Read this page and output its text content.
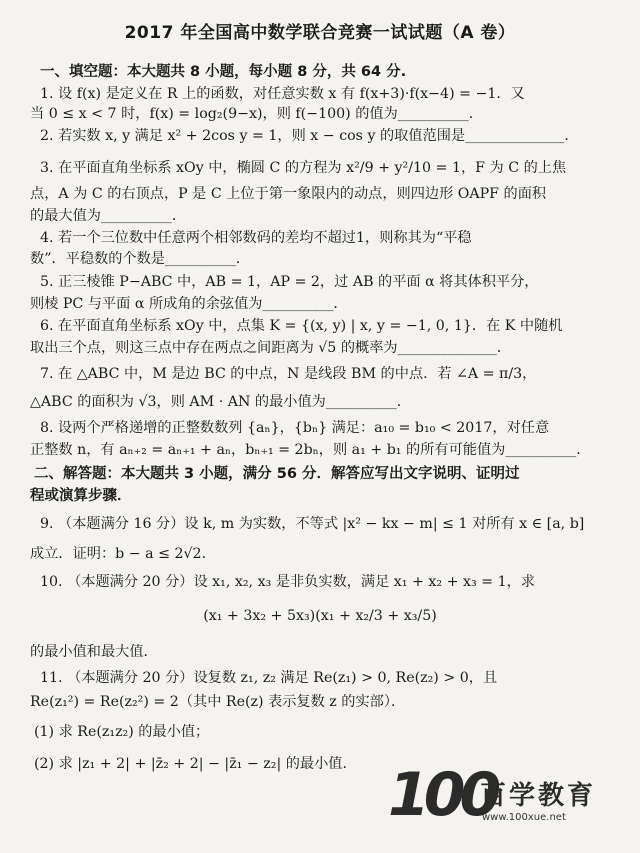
2017 年全国高中数学联合竞赛一试试题（A 卷）
一、填空题：本大题共 8 小题，每小题 8 分，共 64 分.
1. 设 f(x) 是定义在 R 上的函数，对任意实数 x 有 f(x+3)·f(x−4) = −1．又
当 0 ≤ x < 7 时，f(x) = log₂(9−x)，则 f(−100) 的值为__________．
2. 若实数 x, y 满足 x² + 2cos y = 1，则 x − cos y 的取值范围是______________．
3. 在平面直角坐标系 xOy 中，椭圆 C 的方程为 x²/9 + y²/10 = 1，F 为 C 的上焦
点，A 为 C 的右顶点，P 是 C 上位于第一象限内的动点，则四边形 OAPF 的面积
的最大值为__________．
4. 若一个三位数中任意两个相邻数码的差均不超过1，则称其为“平稳
数”．平稳数的个数是__________．
5. 正三棱锥 P−ABC 中，AB = 1，AP = 2，过 AB 的平面 α 将其体积平分，
则棱 PC 与平面 α 所成角的余弦值为__________．
6. 在平面直角坐标系 xOy 中，点集 K = {(x, y) | x, y = −1, 0, 1}．在 K 中随机
取出三个点，则这三点中存在两点之间距离为 √5 的概率为______________．
7. 在 △ABC 中，M 是边 BC 的中点，N 是线段 BM 的中点．若 ∠A = π/3，
△ABC 的面积为 √3，则 AM · AN 的最小值为__________．
8. 设两个严格递增的正整数数列 {aₙ}，{bₙ} 满足：a₁₀ = b₁₀ < 2017，对任意
正整数 n，有 aₙ₊₂ = aₙ₊₁ + aₙ，bₙ₊₁ = 2bₙ，则 a₁ + b₁ 的所有可能值为__________．
二、解答题：本大题共 3 小题，满分 56 分．解答应写出文字说明、证明过
程或演算步骤．
9. （本题满分 16 分）设 k, m 为实数，不等式 |x² − kx − m| ≤ 1 对所有 x ∈ [a, b]
成立．证明：b − a ≤ 2√2．
10. （本题满分 20 分）设 x₁, x₂, x₃ 是非负实数，满足 x₁ + x₂ + x₃ = 1，求
(x₁ + 3x₂ + 5x₃)(x₁ + x₂/3 + x₃/5)
的最小值和最大值．
11. （本题满分 20 分）设复数 z₁, z₂ 满足 Re(z₁) > 0, Re(z₂) > 0，且
Re(z₁²) = Re(z₂²) = 2（其中 Re(z) 表示复数 z 的实部）．
(1) 求 Re(z₁z₂) 的最小值；
(2) 求 |z₁ + 2| + |z̄₂ + 2| − |z̄₁ − z₂| 的最小值． 100
百学教育
www.100xue.net
